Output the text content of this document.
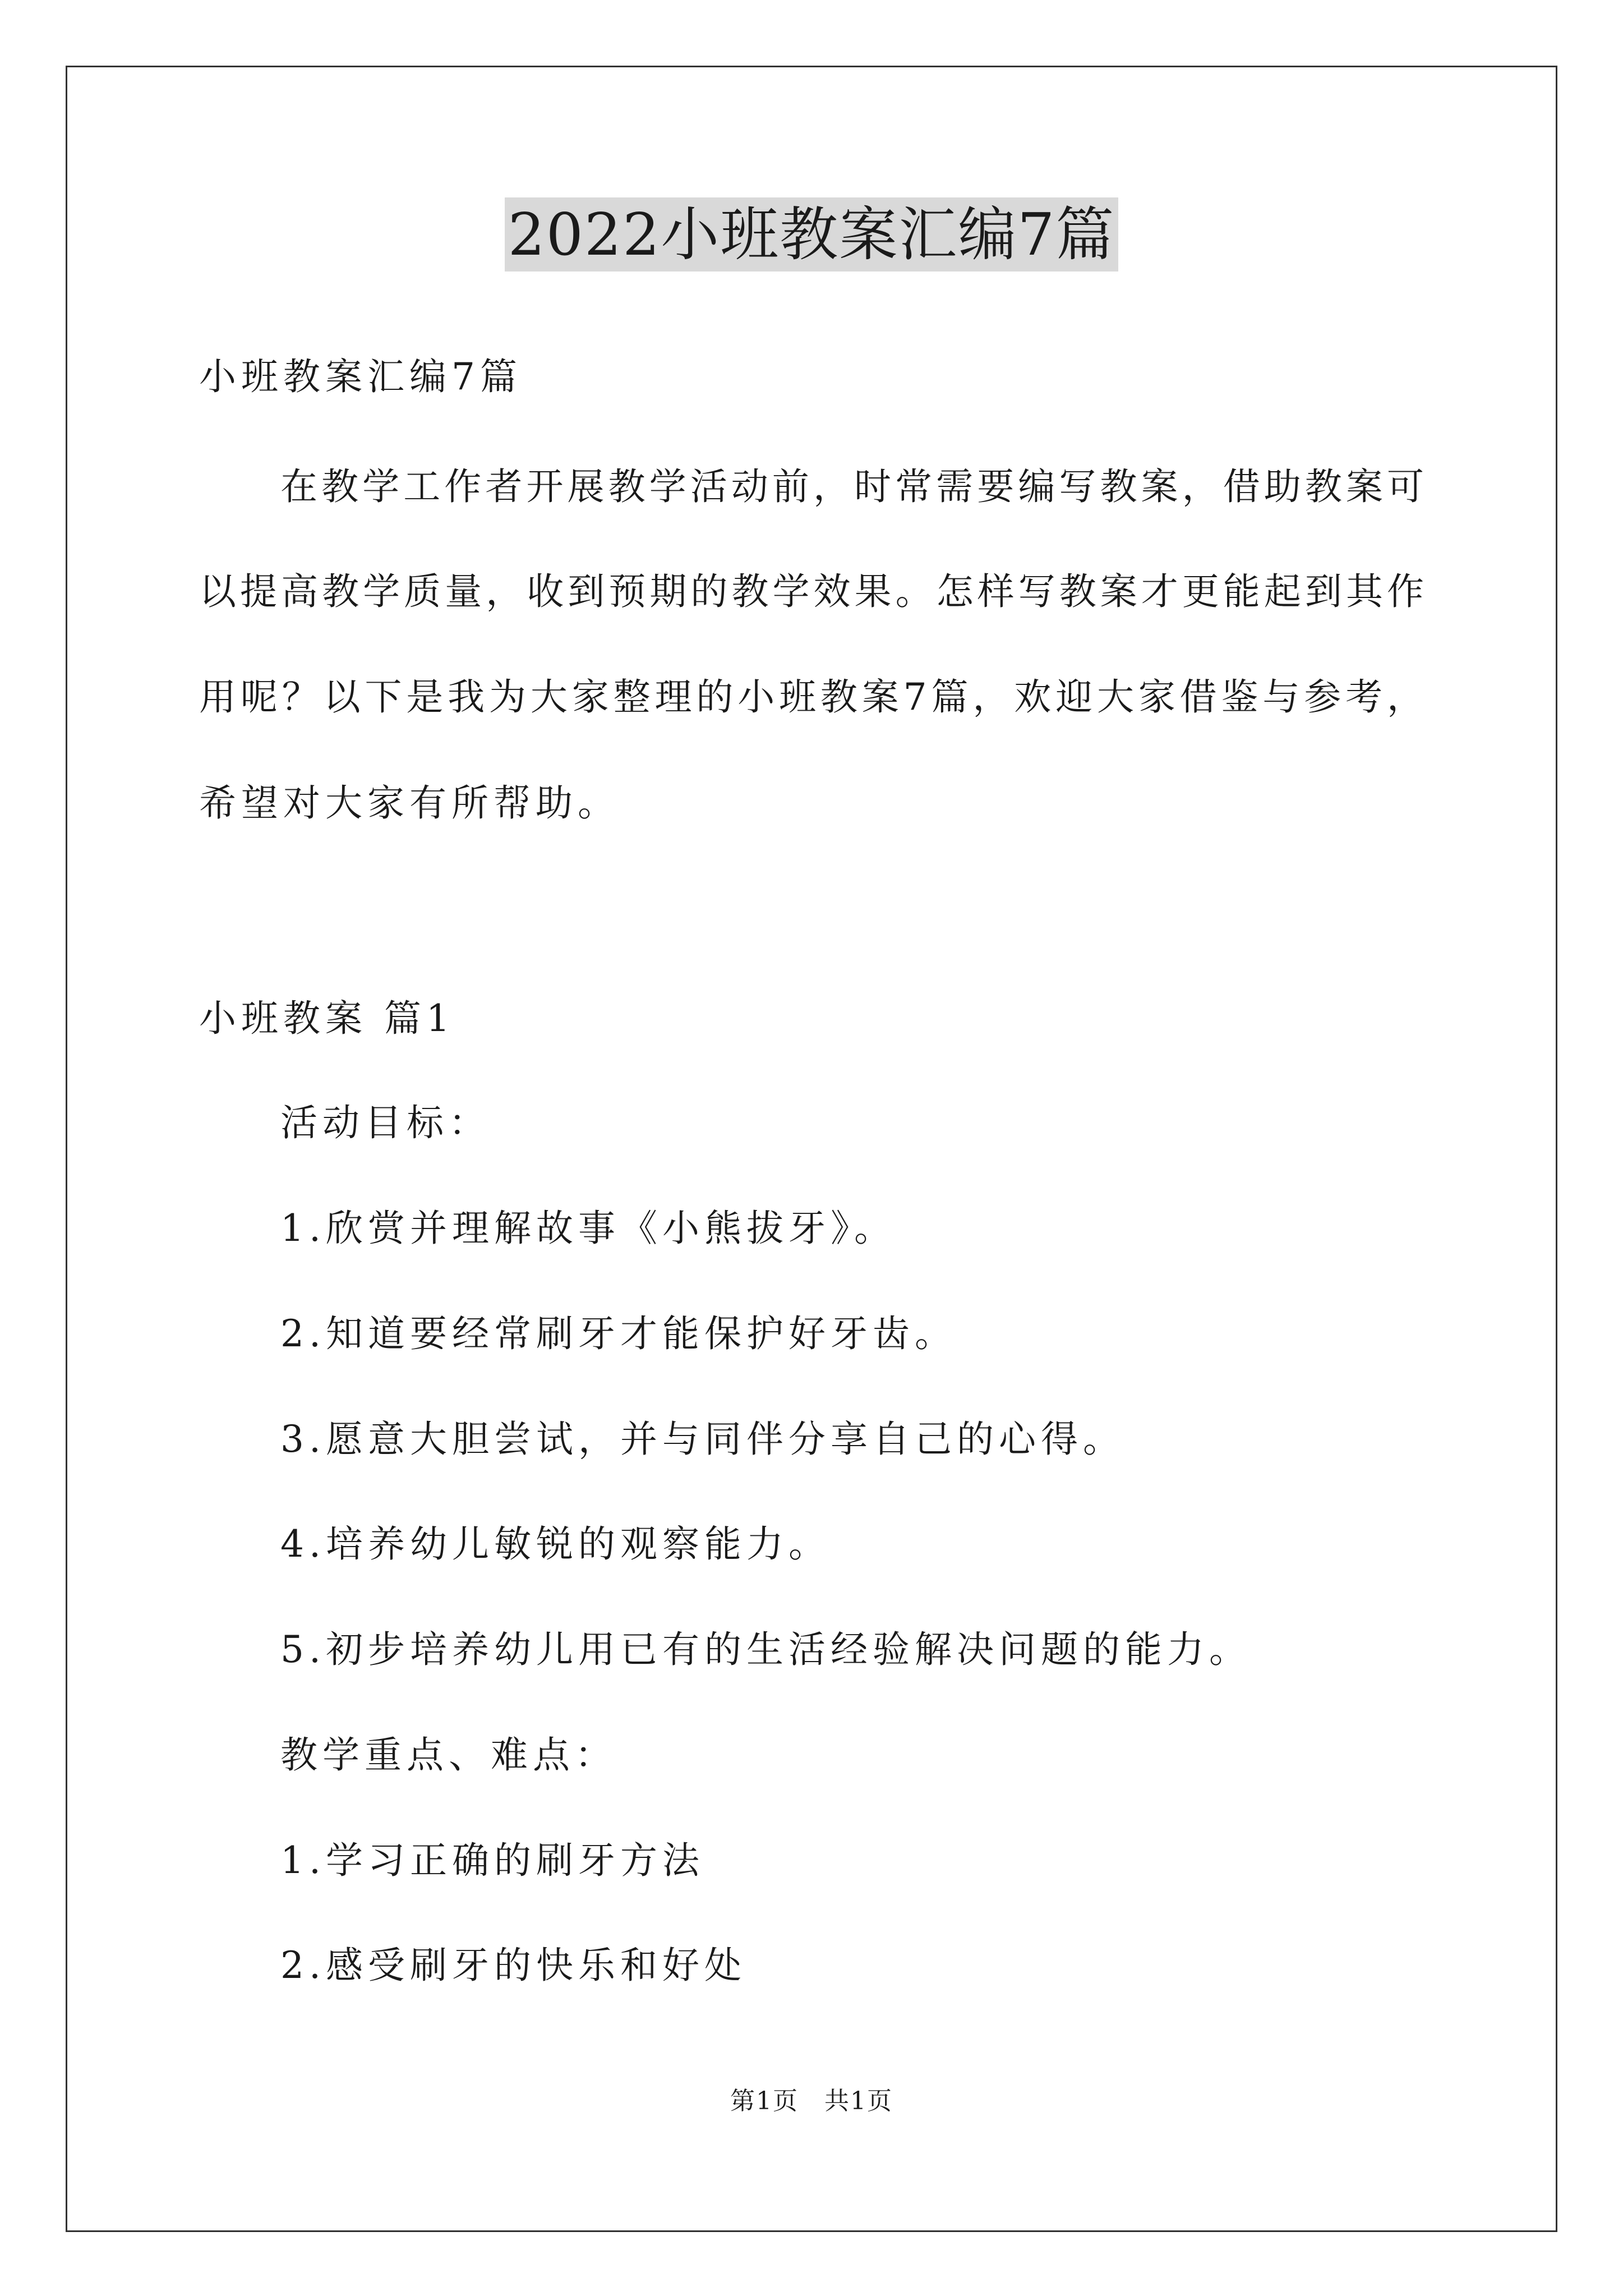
2022小班教案汇编7篇
小班教案汇编7篇
在教学工作者开展教学活动前，时常需要编写教案，借助教案可
以提高教学质量，收到预期的教学效果。怎样写教案才更能起到其作
用呢？以下是我为大家整理的小班教案7篇，欢迎大家借鉴与参考，
希望对大家有所帮助。
小班教案 篇1
活动目标：
1.欣赏并理解故事《小熊拔牙》。
2.知道要经常刷牙才能保护好牙齿。
3.愿意大胆尝试，并与同伴分享自己的心得。
4.培养幼儿敏锐的观察能力。
5.初步培养幼儿用已有的生活经验解决问题的能力。
教学重点、难点：
1.学习正确的刷牙方法
2.感受刷牙的快乐和好处
第1页　共1页
